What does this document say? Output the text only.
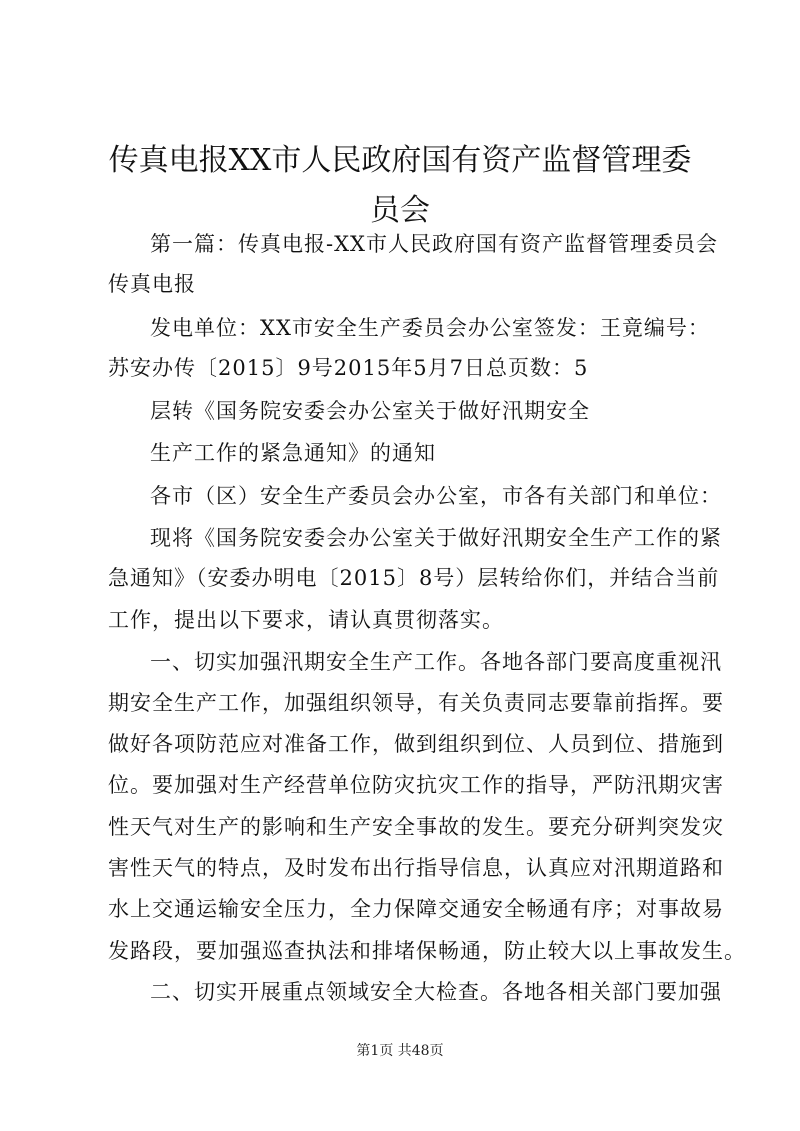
传真电报XX市人民政府国有资产监督管理委
员会
第一篇：传真电报-XX市人民政府国有资产监督管理委员会
传真电报
发电单位：XX市安全生产委员会办公室签发：王竟编号：
苏安办传〔2015〕9号2015年5月7日总页数：5
层转《国务院安委会办公室关于做好汛期安全
生产工作的紧急通知》的通知
各市（区）安全生产委员会办公室，市各有关部门和单位：
现将《国务院安委会办公室关于做好汛期安全生产工作的紧
急通知》（安委办明电〔2015〕8号）层转给你们，并结合当前
工作，提出以下要求，请认真贯彻落实。
一、切实加强汛期安全生产工作。各地各部门要高度重视汛
期安全生产工作，加强组织领导，有关负责同志要靠前指挥。要
做好各项防范应对准备工作，做到组织到位、人员到位、措施到
位。要加强对生产经营单位防灾抗灾工作的指导，严防汛期灾害
性天气对生产的影响和生产安全事故的发生。要充分研判突发灾
害性天气的特点，及时发布出行指导信息，认真应对汛期道路和
水上交通运输安全压力，全力保障交通安全畅通有序；对事故易
发路段，要加强巡查执法和排堵保畅通，防止较大以上事故发生。
二、切实开展重点领域安全大检查。各地各相关部门要加强
第1页 共48页
